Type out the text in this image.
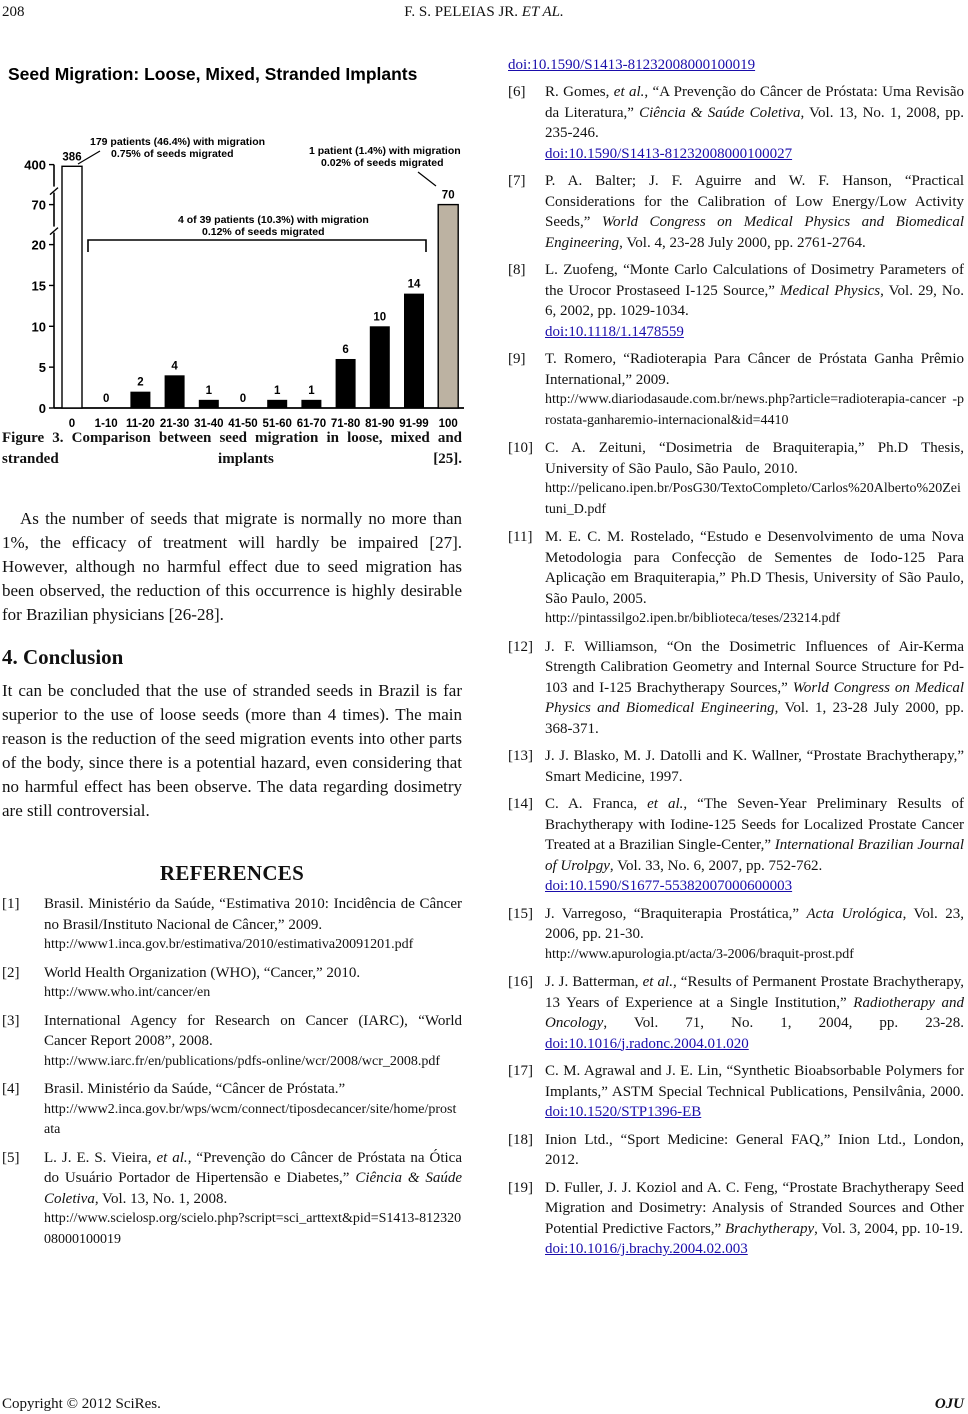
208	F. S. PELEIAS JR. ET AL.
Seed Migration: Loose, Mixed, Stranded Implants
0
5
10
15
20
70
400
386
0
0
1-10
2
11-20
4
21-30
1
31-40
0
41-50
1
51-60
1
61-70
6
71-80
10
81-90
14
91-99
70
100
179 patients (46.4%) with migration
0.75% of seeds migrated
4 of 39 patients (10.3%) with migration
0.12% of seeds migrated
1 patient (1.4%) with migration
0.02% of seeds migrated
Figure 3. Comparison between seed migration in loose, mixed and stranded implants [25].

As the number of seeds that migrate is normally no more than 1%, the efficacy of treatment will hardly be impaired [27]. However, although no harmful effect due to seed migration has been observed, the reduction of this occurrence is highly desirable for Brazilian physicians [26-28].

4. Conclusion

It can be concluded that the use of stranded seeds in Brazil is far superior to the use of loose seeds (more than 4 times). The main reason is the reduction of the seed migration events into other parts of the body, since there is a potential hazard, even considering that no harmful effect has been observe. The data regarding dosimetry are still controversial.

REFERENCES
[1]	Brasil. Ministério da Saúde, “Estimativa 2010: Incidência de Câncer no Brasil/Instituto Nacional de Câncer,” 2009.
http://www1.inca.gov.br/estimativa/2010/estimativa20091201.pdf
[2]	World Health Organization (WHO), “Cancer,” 2010.
http://www.who.int/cancer/en
[3]	International Agency for Research on Cancer (IARC), “World Cancer Report 2008”, 2008.
http://www.iarc.fr/en/publications/pdfs-online/wcr/2008/wcr_2008.pdf
[4]	Brasil. Ministério da Saúde, “Câncer de Próstata.”
http://www2.inca.gov.br/wps/wcm/connect/tiposdecancer/site/home/prostata
[5]	L. J. E. S. Vieira, et al., “Prevenção do Câncer de Próstata na Ótica do Usuário Portador de Hipertensão e Diabetes,” Ciência & Saúde Coletiva, Vol. 13, No. 1, 2008.
http://www.scielosp.org/scielo.php?script=sci_arttext&pid=S1413-81232008000100019
doi:10.1590/S1413-81232008000100019
[6]	R. Gomes, et al., “A Prevenção do Câncer de Próstata: Uma Revisão da Literatura,” Ciência & Saúde Coletiva, Vol. 13, No. 1, 2008, pp. 235-246.
doi:10.1590/S1413-81232008000100027
[7]	P. A. Balter; J. F. Aguirre and W. F. Hanson, “Practical Considerations for the Calibration of Low Energy/Low Activity Seeds,” World Congress on Medical Physics and Biomedical Engineering, Vol. 4, 23-28 July 2000, pp. 2761-2764.
[8]	L. Zuofeng, “Monte Carlo Calculations of Dosimetry Parameters of the Urocor Prostaseed I-125 Source,” Medical Physics, Vol. 29, No. 6, 2002, pp. 1029-1034.
doi:10.1118/1.1478559
[9]	T. Romero, “Radioterapia Para Câncer de Próstata Ganha Prêmio International,” 2009.
http://www.diariodasaude.com.br/news.php?article=radioterapia-cancer -prostata-ganharemio-internacional&id=4410
[10] C. A. Zeituni, “Dosimetria de Braquiterapia,” Ph.D Thesis, University of São Paulo, São Paulo, 2010.
http://pelicano.ipen.br/PosG30/TextoCompleto/Carlos%20Alberto%20Zeituni_D.pdf
[11] M. E. C. M. Rostelado, “Estudo e Desenvolvimento de uma Nova Metodologia para Confecção de Sementes de Iodo-125 Para Aplicação em Braquiterapia,” Ph.D Thesis, University of São Paulo, São Paulo, 2005.
http://pintassilgo2.ipen.br/biblioteca/teses/23214.pdf
[12] J. F. Williamson, “On the Dosimetric Influences of Air-Kerma Strength Calibration Geometry and Internal Source Structure for Pd-103 and I-125 Brachytherapy Sources,” World Congress on Medical Physics and Biomedical Engineering, Vol. 1, 23-28 July 2000, pp. 368-371.
[13] J. J. Blasko, M. J. Datolli and K. Wallner, “Prostate Brachytherapy,” Smart Medicine, 1997.
[14] C. A. Franca, et al., “The Seven-Year Preliminary Results of Brachytherapy with Iodine-125 Seeds for Localized Prostate Cancer Treated at a Brazilian Single-Center,” International Brazilian Journal of Urolpgy, Vol. 33, No. 6, 2007, pp. 752-762.
doi:10.1590/S1677-55382007000600003
[15] J. Varregoso, “Braquiterapia Prostática,” Acta Urológica, Vol. 23, 2006, pp. 21-30.
http://www.apurologia.pt/acta/3-2006/braquit-prost.pdf
[16] J. J. Batterman, et al., “Results of Permanent Prostate Brachytherapy, 13 Years of Experience at a Single Institution,” Radiotherapy and Oncology, Vol. 71, No. 1, 2004, pp. 23-28. doi:10.1016/j.radonc.2004.01.020
[17] C. M. Agrawal and J. E. Lin, “Synthetic Bioabsorbable Polymers for Implants,” ASTM Special Technical Publications, Pensilvânia, 2000. doi:10.1520/STP1396-EB
[18] Inion Ltd., “Sport Medicine: General FAQ,” Inion Ltd., London, 2012.
[19] D. Fuller, J. J. Koziol and A. C. Feng, “Prostate Brachytherapy Seed Migration and Dosimetry: Analysis of Stranded Sources and Other Potential Predictive Factors,” Brachytherapy, Vol. 3, 2004, pp. 10-19.
doi:10.1016/j.brachy.2004.02.003
Copyright © 2012 SciRes.	OJU
